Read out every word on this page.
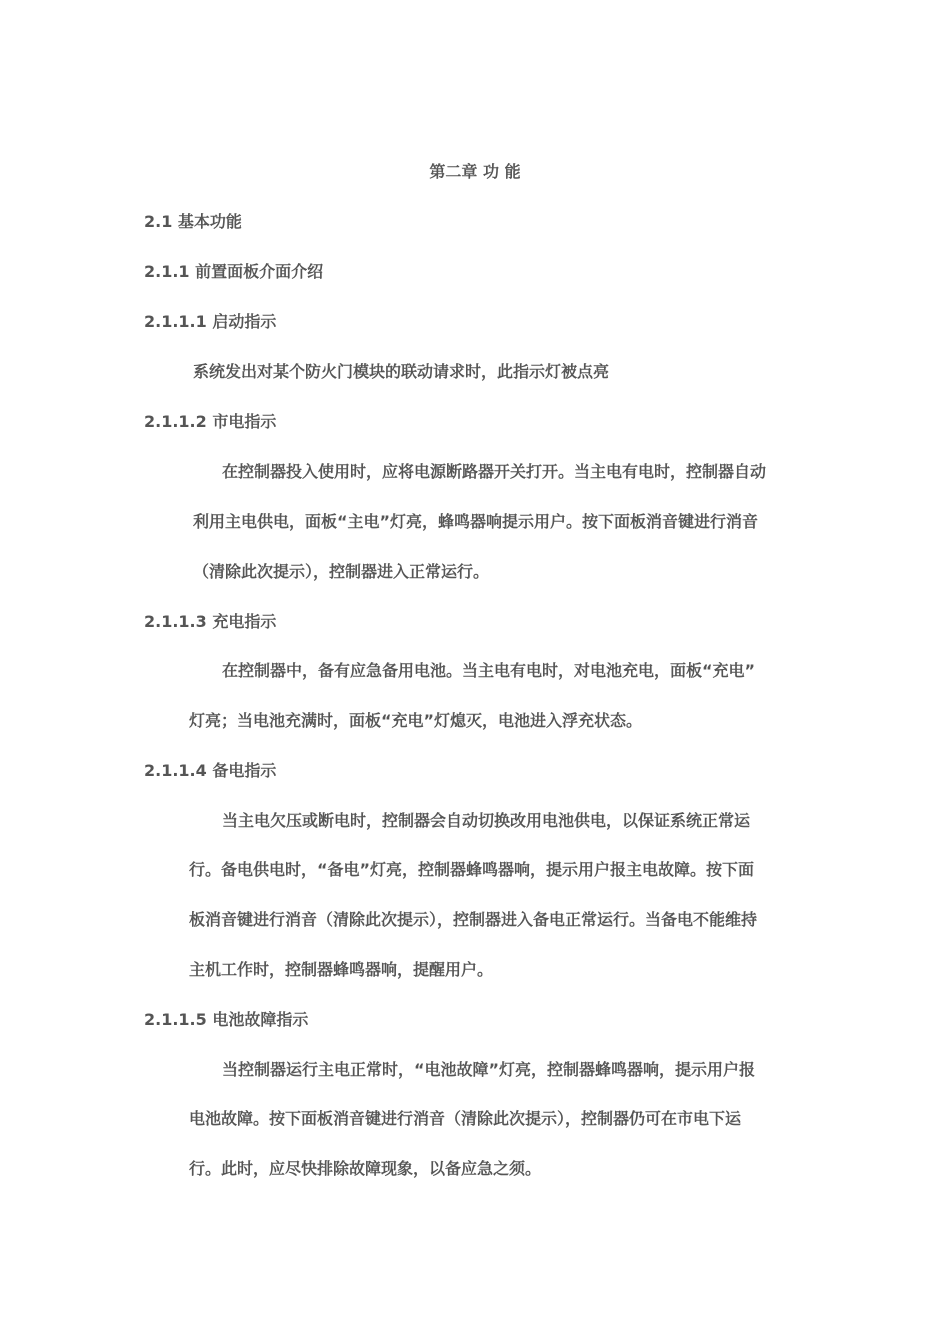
第二章 功 能
2.1 基本功能
2.1.1 前置面板介面介绍
2.1.1.1 启动指示
系统发出对某个防火门模块的联动请求时，此指示灯被点亮
2.1.1.2 市电指示
在控制器投入使用时，应将电源断路器开关打开。当主电有电时，控制器自动
利用主电供电，面板“主电”灯亮，蜂鸣器响提示用户。按下面板消音键进行消音
（清除此次提示），控制器进入正常运行。
2.1.1.3 充电指示
在控制器中，备有应急备用电池。当主电有电时，对电池充电，面板“充电”
灯亮；当电池充满时，面板“充电”灯熄灭，电池进入浮充状态。
2.1.1.4 备电指示
当主电欠压或断电时，控制器会自动切换改用电池供电，以保证系统正常运
行。备电供电时，“备电”灯亮，控制器蜂鸣器响，提示用户报主电故障。按下面
板消音键进行消音（清除此次提示），控制器进入备电正常运行。当备电不能维持
主机工作时，控制器蜂鸣器响，提醒用户。
2.1.1.5 电池故障指示
当控制器运行主电正常时，“电池故障”灯亮，控制器蜂鸣器响，提示用户报
电池故障。按下面板消音键进行消音（清除此次提示），控制器仍可在市电下运
行。此时，应尽快排除故障现象，以备应急之须。
